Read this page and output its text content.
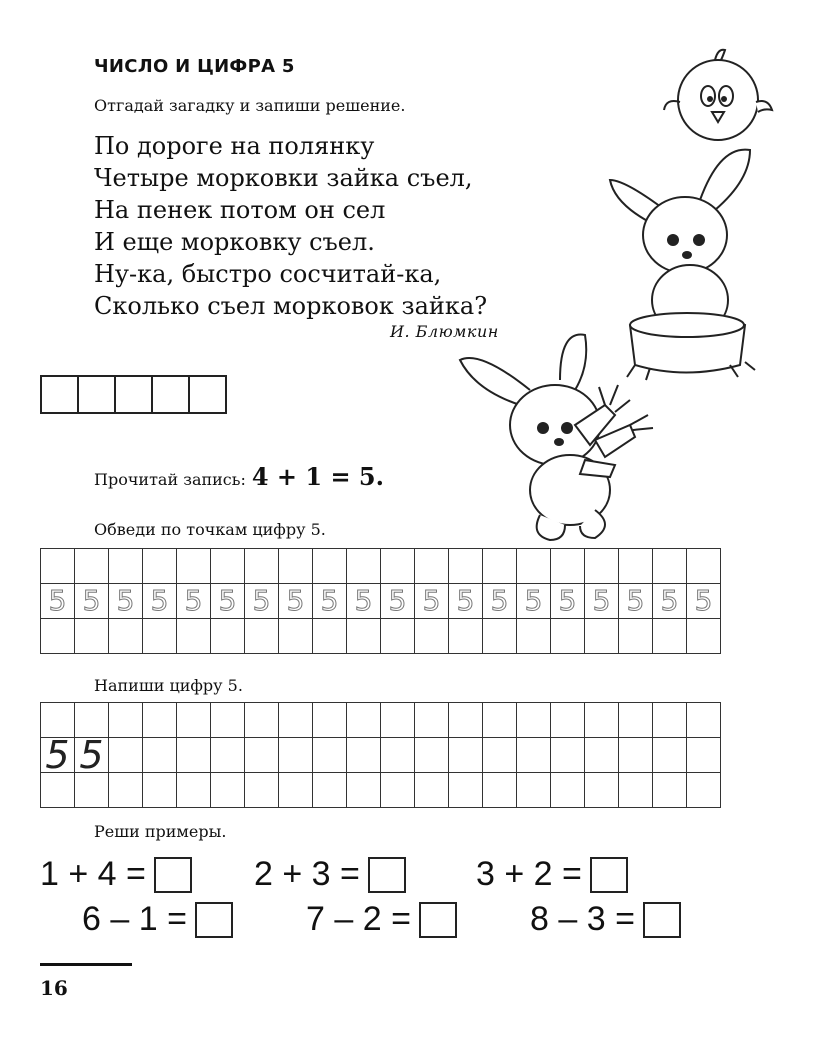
ЧИСЛО И ЦИФРА 5
Отгадай загадку и запиши решение.
По дороге на полянку
Четыре морковки зайка съел,
На пенек потом он сел
И еще морковку съел.
Ну-ка, быстро сосчитай-ка,
Сколько съел морковок зайка?
И. Блюмкин
Прочитай запись: 4 + 1 = 5.
Обведи по точкам цифру 5.

5	5	5	5	5	5	5	5	5	5	5	5	5	5	5	5	5	5	5	5

Напиши цифру 5.

5	5																		

Реши примеры.
1 + 4 =	2 + 3 =	3 + 2 =
6 – 1 =	7 – 2 =	8 – 3 =
16
